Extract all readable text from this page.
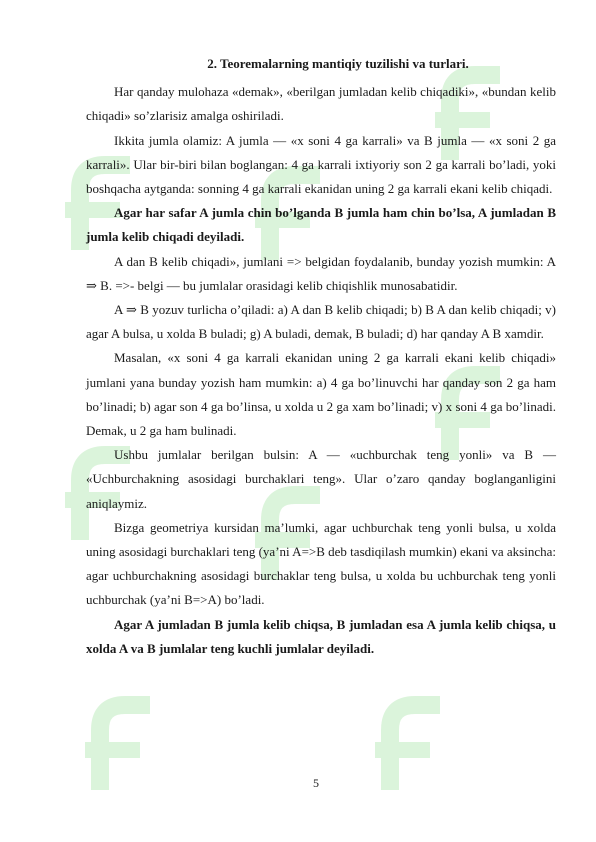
2. Teoremalarning mantiqiy tuzilishi va turlari.

Har qanday mulohaza «demak», «berilgan jumladan kelib chiqadiki», «bundan kelib chiqadi» so’zlarisiz amalga oshiriladi.

Ikkita jumla olamiz: A jumla — «x soni 4 ga karrali» va B jumla — «x soni 2 ga karrali». Ular bir-biri bilan boglangan: 4 ga karrali ixtiyoriy son 2 ga karrali bo’ladi, yoki boshqacha aytganda: sonning 4 ga karrali ekanidan uning 2 ga karrali ekani kelib chiqadi.

Agar har safar A jumla chin bo’lganda B jumla ham chin bo’lsa, A jumladan B jumla kelib chiqadi deyiladi.

A dan B kelib chiqadi», jumlani => belgidan foydalanib, bunday yozish mumkin: A ⇒ B. =>- belgi — bu jumlalar orasidagi kelib chiqishlik munosabatidir.

A ⇒ B yozuv turlicha o’qiladi: a) A dan B kelib chiqadi; b) B A dan kelib chiqadi; v) agar A bulsa, u xolda B buladi; g) A buladi, demak, B buladi; d) har qanday A B xamdir.

Masalan, «x soni 4 ga karrali ekanidan uning 2 ga karrali ekani kelib chiqadi» jumlani yana bunday yozish ham mumkin: a) 4 ga bo’linuvchi har qanday son 2 ga ham bo’linadi; b) agar son 4 ga bo’linsa, u xolda u 2 ga xam bo’linadi; v) x soni 4 ga bo’linadi. Demak, u 2 ga ham bulinadi.

Ushbu jumlalar berilgan bulsin: A — «uchburchak teng yonli» va B — «Uchburchakning asosidagi burchaklari teng». Ular o’zaro qanday boglanganligini aniqlaymiz.

Bizga geometriya kursidan ma’lumki, agar uchburchak teng yonli bulsa, u xolda uning asosidagi burchaklari teng (ya’ni A=>B deb tasdiqilash mumkin) ekani va aksincha: agar uchburchakning asosidagi burchaklar teng bulsa, u xolda bu uchburchak teng yonli uchburchak (ya’ni B=>A) bo’ladi.

Agar A jumladan B jumla kelib chiqsa, B jumladan esa A jumla kelib chiqsa, u xolda A va B jumlalar teng kuchli jumlalar deyiladi.

5
